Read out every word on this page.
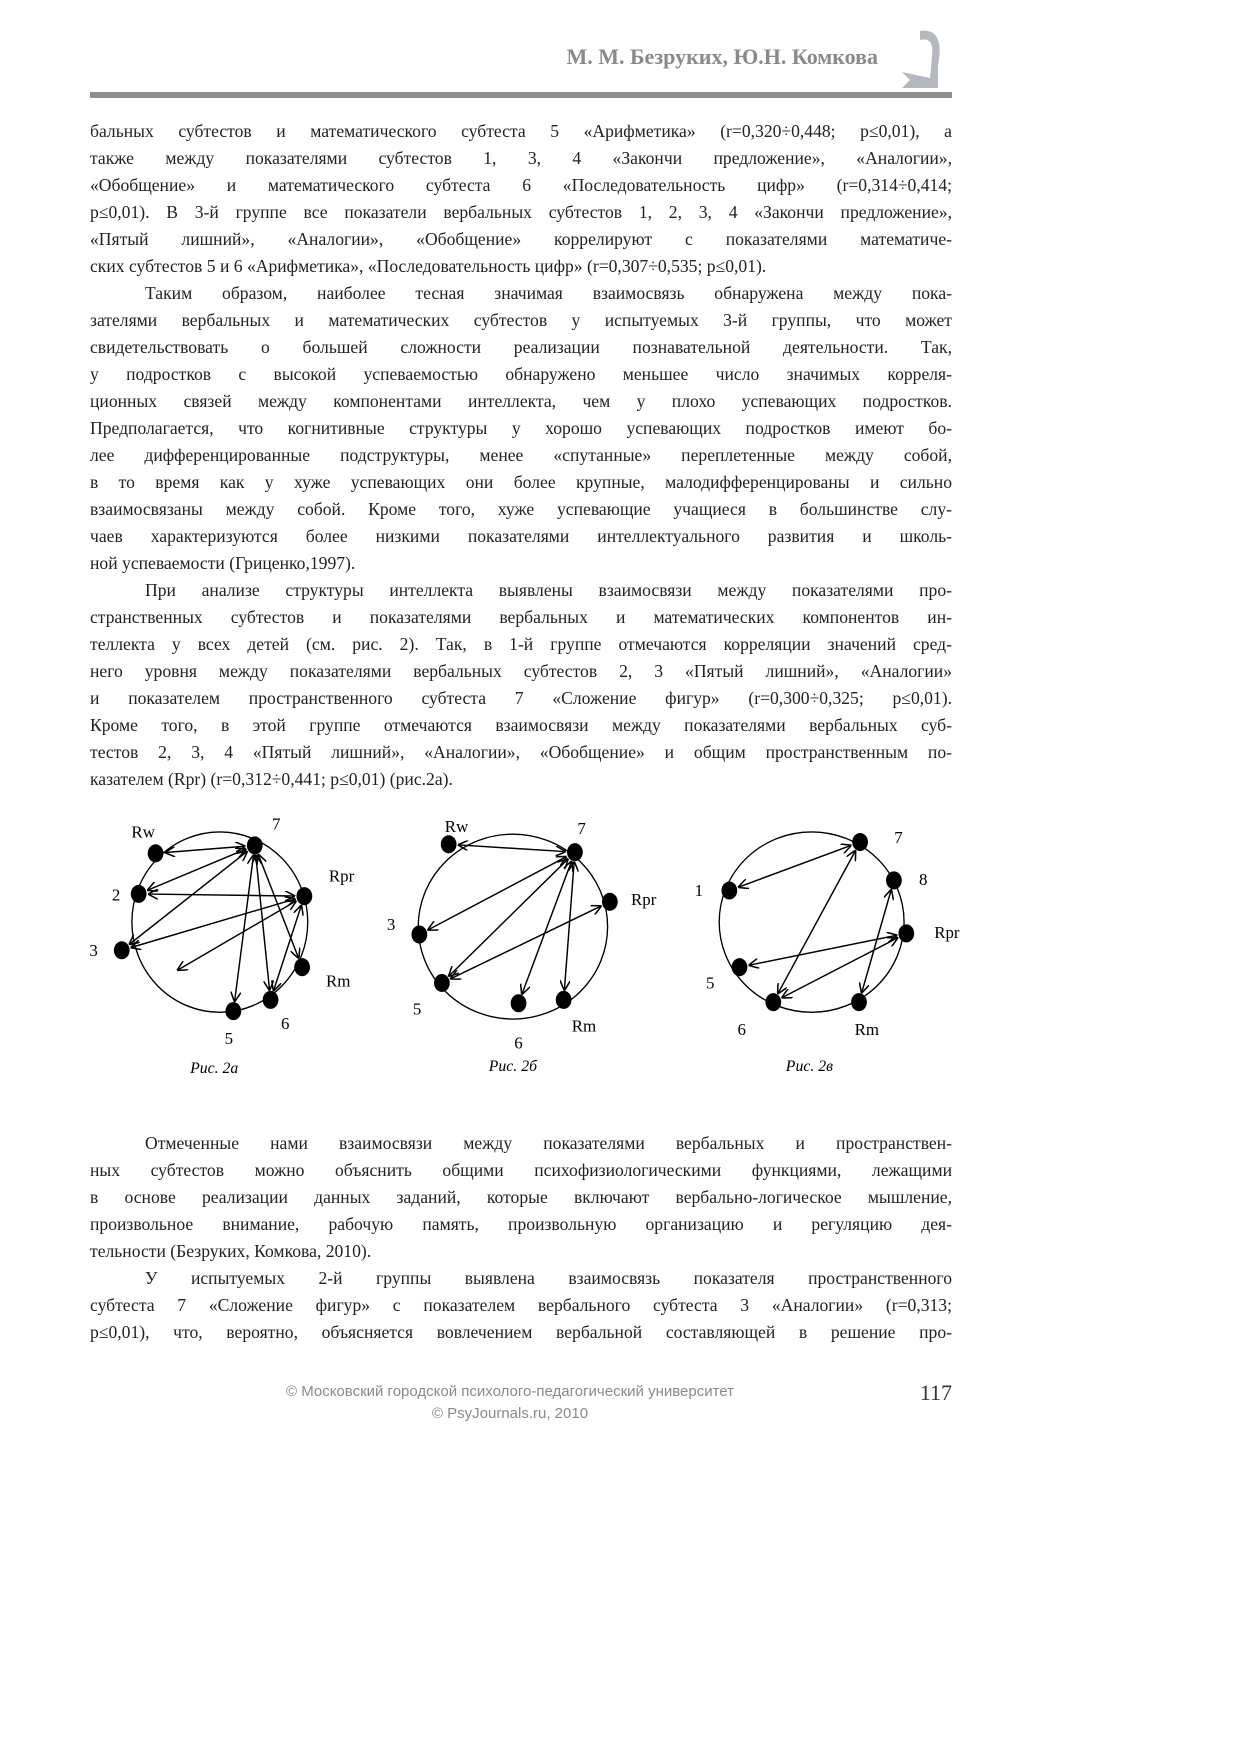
М. М. Безруких, Ю.Н. Комкова
бальных субтестов и математического субтеста 5 «Арифметика» (r=0,320÷0,448; p≤0,01), а
также между показателями субтестов 1, 3, 4 «Закончи предложение», «Аналогии»,
«Обобщение» и математического субтеста 6 «Последовательность цифр» (r=0,314÷0,414;
p≤0,01). В 3-й группе все показатели вербальных субтестов 1, 2, 3, 4 «Закончи предложение»,
«Пятый лишний», «Аналогии», «Обобщение» коррелируют с показателями математиче-
ских субтестов 5 и 6 «Арифметика», «Последовательность цифр» (r=0,307÷0,535; p≤0,01).
Таким образом, наиболее тесная значимая взаимосвязь обнаружена между пока-
зателями вербальных и математических субтестов у испытуемых 3-й группы, что может
свидетельствовать о большей сложности реализации познавательной деятельности. Так,
у подростков с высокой успеваемостью обнаружено меньшее число значимых корреля-
ционных связей между компонентами интеллекта, чем у плохо успевающих подростков.
Предполагается, что когнитивные структуры у хорошо успевающих подростков имеют бо-
лее дифференцированные подструктуры, менее «спутанные» переплетенные между собой,
в то время как у хуже успевающих они более крупные, малодифференцированы и сильно
взаимосвязаны между собой. Кроме того, хуже успевающие учащиеся в большинстве слу-
чаев характеризуются более низкими показателями интеллектуального развития и школь-
ной успеваемости (Гриценко,1997).
При анализе структуры интеллекта выявлены взаимосвязи между показателями про-
странственных субтестов и показателями вербальных и математических компонентов ин-
теллекта у всех детей (см. рис. 2). Так, в 1-й группе отмечаются корреляции значений сред-
него уровня между показателями вербальных субтестов 2, 3 «Пятый лишний», «Аналогии»
и показателем пространственного субтеста 7 «Сложение фигур» (r=0,300÷0,325; p≤0,01).
Кроме того, в этой группе отмечаются взаимосвязи между показателями вербальных суб-
тестов 2, 3, 4 «Пятый лишний», «Аналогии», «Обобщение» и общим пространственным по-
казателем (Rpr) (r=0,312÷0,441; p≤0,01) (рис.2а).
Отмеченные нами взаимосвязи между показателями вербальных и пространствен-
ных субтестов можно объяснить общими психофизиологическими функциями, лежащими
в основе реализации данных заданий, которые включают вербально-логическое мышление,
произвольное внимание, рабочую память, произвольную организацию и регуляцию дея-
тельности (Безруких, Комкова, 2010).
У испытуемых 2-й группы выявлена взаимосвязь показателя пространственного
субтеста 7 «Сложение фигур» с показателем вербального субтеста 3 «Аналогии» (r=0,313;
p≤0,01), что, вероятно, объясняется вовлечением вербальной составляющей в решение про-
Rw	7
2
Rpr
3
Rm
6
5
Рис. 2а
Rw	7
Rpr
3
5
6
Rm
Рис. 2б
7
8
1
Rpr
5
6	Rm
Рис. 2в
© Московский городской психолого-педагогический университет
© PsyJournals.ru, 2010
117
